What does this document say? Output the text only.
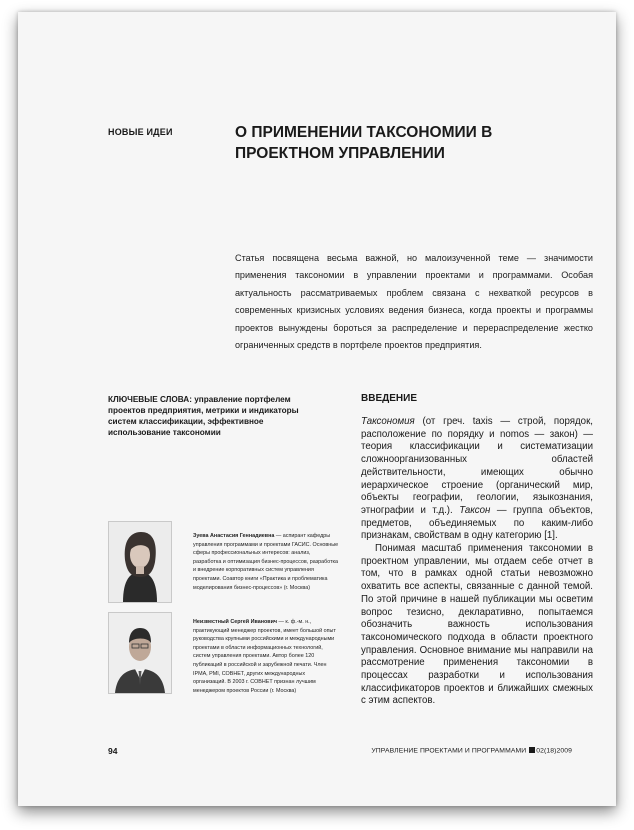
НОВЫЕ ИДЕИ	О ПРИМЕНЕНИИ ТАКСОНОМИИ В ПРОЕКТНОМ УПРАВЛЕНИИ
Статья посвящена весьма важной, но малоизученной теме — значимости применения таксономии в управлении проектами и программами. Особая актуальность рассматриваемых проблем связана с нехваткой ресурсов в современных кризисных условиях ведения бизнеса, когда проекты и программы проектов вынуждены бороться за распределение и перераспределение жестко ограниченных средств в портфеле проектов предприятия.
КЛЮЧЕВЫЕ СЛОВА: управление портфелем проектов предприятия, метрики и индикаторы систем классификации, эффективное использование таксономии
ВВЕДЕНИЕ

Таксономия (от греч. taxis — строй, порядок, расположение по порядку и nomos — закон) — теория классификации и систематизации сложноорганизованных областей действительности, имеющих обычно иерархическое строение (органический мир, объекты географии, геологии, языкознания, этнографии и т.д.). Таксон — группа объектов, предметов, объединяемых по каким-либо признакам, свойствам в одну категорию [1].

Понимая масштаб применения таксономии в проектном управлении, мы отдаем себе отчет в том, что в рамках одной статьи невозможно охватить все аспекты, связанные с данной темой. По этой причине в нашей публикации мы осветим вопрос тезисно, декларативно, попытаемся обозначить важность использования таксономического подхода в области проектного управления. Основное внимание мы направили на рассмотрение применения таксономии в процессах разработки и использования классификаторов проектов и ближайших смежных с этим аспектов.

Зуева Анастасия Геннадиевна — аспирант кафедры управления программами и проектами ГАСИС. Основные сферы профессиональных интересов: анализ, разработка и оптимизация бизнес-процессов, разработка и внедрение корпоративных систем управления проектами. Соавтор книги «Практика и проблематика моделирования бизнес-процессов» (г. Москва)
Неизвестный Сергей Иванович — к. ф.-м. н., практикующий менеджер проектов, имеет большой опыт руководства крупными российскими и международными проектами в области информационных технологий, систем управления проектами. Автор более 120 публикаций в российской и зарубежной печати. Член IPMA, PMI, СОВНЕТ, других международных организаций. В 2003 г. СОВНЕТ признан лучшим менеджером проектов России (г. Москва)
94	УПРАВЛЕНИЕ ПРОЕКТАМИ И ПРОГРАММАМИ 02(18)2009
